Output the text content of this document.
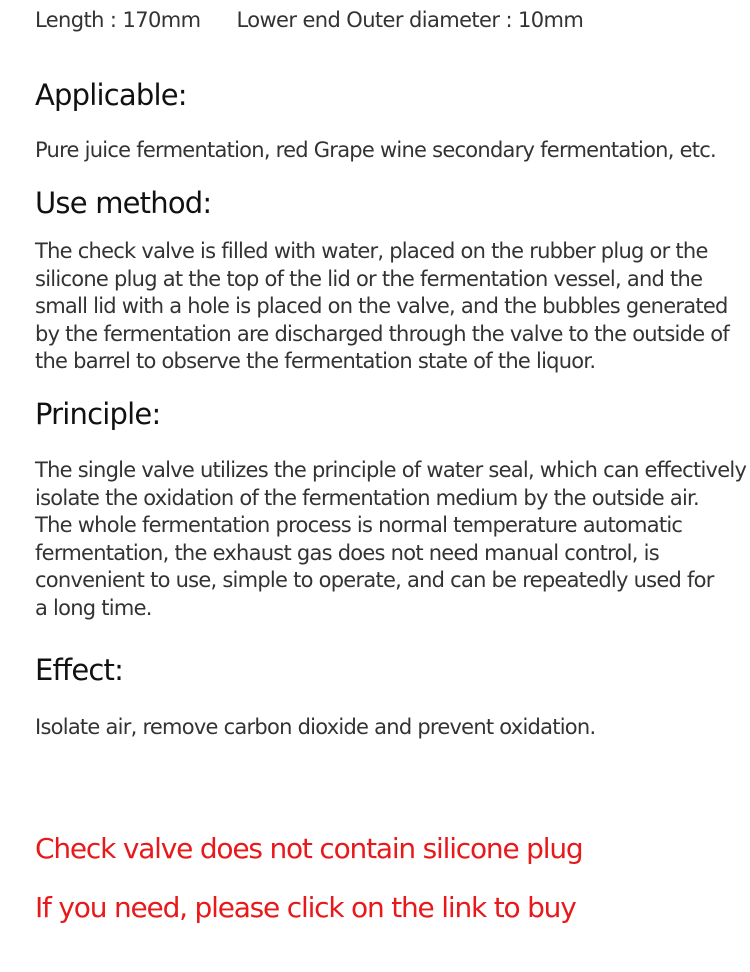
Length : 170mm Lower end Outer diameter : 10mm
Applicable:

Pure juice fermentation, red Grape wine secondary fermentation, etc.

Use method:

The check valve is filled with water, placed on the rubber plug or the
silicone plug at the top of the lid or the fermentation vessel, and the
small lid with a hole is placed on the valve, and the bubbles generated
by the fermentation are discharged through the valve to the outside of
the barrel to observe the fermentation state of the liquor.

Principle:

The single valve utilizes the principle of water seal, which can effectively
isolate the oxidation of the fermentation medium by the outside air.
The whole fermentation process is normal temperature automatic
fermentation, the exhaust gas does not need manual control, is
convenient to use, simple to operate, and can be repeatedly used for
a long time.

Effect:

Isolate air, remove carbon dioxide and prevent oxidation.

Check valve does not contain silicone plug
If you need, please click on the link to buy
